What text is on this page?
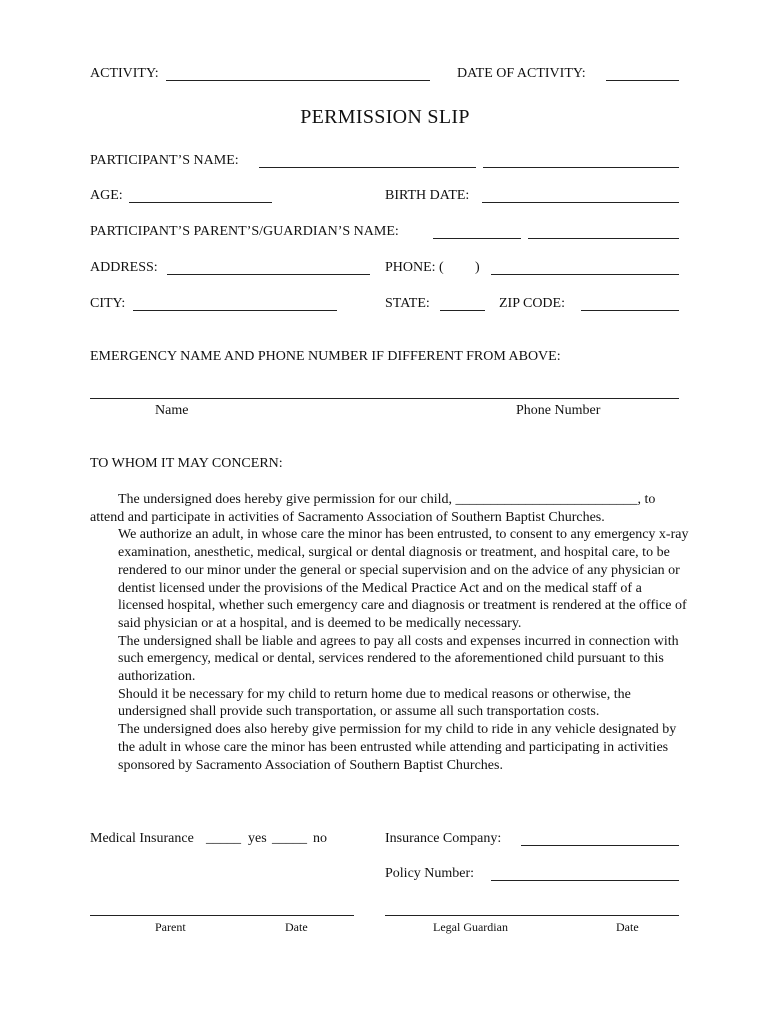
ACTIVITY:	DATE OF ACTIVITY:
PERMISSION SLIP
PARTICIPANT’S NAME:
AGE:	BIRTH DATE:
PARTICIPANT’S PARENT’S/GUARDIAN’S NAME:
ADDRESS:	PHONE: ( )
CITY:	STATE:	ZIP CODE:
EMERGENCY NAME AND PHONE NUMBER IF DIFFERENT FROM ABOVE:
Name	Phone Number
TO WHOM IT MAY CONCERN:

The undersigned does hereby give permission for our child, __________________________, to attend and participate in activities of Sacramento Association of Southern Baptist Churches.

We authorize an adult, in whose care the minor has been entrusted, to consent to any emergency x-ray examination, anesthetic, medical, surgical or dental diagnosis or treatment, and hospital care, to be rendered to our minor under the general or special supervision and on the advice of any physician or dentist licensed under the provisions of the Medical Practice Act and on the medical staff of a licensed hospital, whether such emergency care and diagnosis or treatment is rendered at the office of said physician or at a hospital, and is deemed to be medically necessary.

The undersigned shall be liable and agrees to pay all costs and expenses incurred in connection with such emergency, medical or dental, services rendered to the aforementioned child pursuant to this authorization.

Should it be necessary for my child to return home due to medical reasons or otherwise, the undersigned shall provide such transportation, or assume all such transportation costs.

The undersigned does also hereby give permission for my child to ride in any vehicle designated by the adult in whose care the minor has been entrusted while attending and participating in activities sponsored by Sacramento Association of Southern Baptist Churches.

Medical Insurance _____ yes _____ no	Insurance Company:
Policy Number:
Parent	Date	Legal Guardian	Date
